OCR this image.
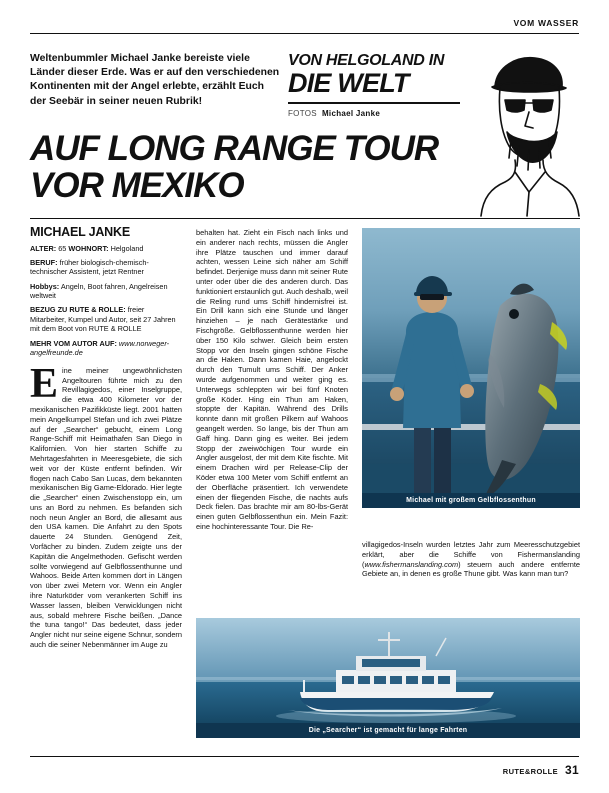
VOM WASSER
Weltenbummler Michael Janke bereiste viele Länder dieser Erde. Was er auf den verschiedenen Kontinenten mit der Angel erlebte, erzählt Euch der Seebär in seiner neuen Rubrik!
VON HELGOLAND IN
DIE WELT
FOTOS Michael Janke
AUF LONG RANGE TOUR VOR MEXIKO
MICHAEL JANKE
ALTER: 65 WOHNORT: Helgoland
BERUF: früher biologisch-chemisch-technischer Assistent, jetzt Rentner
Hobbys: Angeln, Boot fahren, Angelreisen weltweit
BEZUG ZU RUTE & ROLLE: freier Mitarbeiter, Kumpel und Autor, seit 27 Jahren mit dem Boot von RUTE & ROLLE
MEHR VOM AUTOR AUF: www.norweger-angelfreunde.de
Eine meiner ungewöhnlichsten Angeltouren führte mich zu den Revillagigedos, einer Inselgruppe, die etwa 400 Kilometer vor der mexikanischen Pazifikküste liegt. 2001 hatten mein Angelkumpel Stefan und ich zwei Plätze auf der „Searcher“ gebucht, einem Long Range-Schiff mit Heimathafen San Diego in Kalifornien. Von hier starten Schiffe zu Mehrtagesfahrten in Meeresgebiete, die sich weit vor der Küste entfernt befinden. Wir flogen nach Cabo San Lucas, dem bekannten mexikanischen Big Game-Eldorado. Hier legte die „Searcher“ einen Zwischenstopp ein, um uns an Bord zu nehmen. Es befanden sich noch neun Angler an Bord, die allesamt aus den USA kamen. Die Anfahrt zu den Spots dauerte 24 Stunden. Genügend Zeit, Vorfächer zu binden. Zudem zeigte uns der Kapitän die Angelmethoden. Gefischt werden sollte vorwiegend auf Gelbflossenthunne und Wahoos. Beide Arten kommen dort in Längen von über zwei Metern vor. Wenn ein Angler ihre Naturköder vom verankerten Schiff ins Wasser lassen, bleiben Verwicklungen nicht aus, sobald mehrere Fische beißen. „Dance the tuna tango!“ Das bedeutet, dass jeder Angler nicht nur seine eigene Schnur, sondern auch die seiner Nebenmänner im Auge zu
behalten hat. Zieht ein Fisch nach links und ein anderer nach rechts, müssen die Angler ihre Plätze tauschen und immer darauf achten, wessen Leine sich näher am Schiff befindet. Derjenige muss dann mit seiner Rute unter oder über die des anderen durch. Das funktioniert erstaunlich gut. Auch deshalb, weil die Reling rund ums Schiff hindernisfrei ist. Ein Drill kann sich eine Stunde und länger hinziehen – je nach Gerätestärke und Fischgröße. Gelbflossenthunne werden hier über 150 Kilo schwer. Gleich beim ersten Stopp vor den Inseln gingen schöne Fische an die Haken. Dann kamen Haie, angelockt durch den Tumult ums Schiff. Der Anker wurde aufgenommen und weiter ging es. Unterwegs schleppten wir bei fünf Knoten große Köder. Hing ein Thun am Haken, stoppte der Kapitän. Während des Drills konnte dann mit großen Pilkern auf Wahoos geangelt werden. So lange, bis der Thun am Gaff hing. Dann ging es weiter. Bei jedem Stopp der zweiwöchigen Tour wurde ein Angler ausgelost, der mit dem Kite fischte. Mit einem Drachen wird per Release-Clip der Köder etwa 100 Meter vom Schiff entfernt an der Oberfläche präsentiert. Ich verwendete einen der fliegenden Fische, die nachts aufs Deck fielen. Das brachte mir am 80-lbs-Gerät einen guten Gelbflossenthun ein. Mein Fazit: eine hochinteressante Tour. Die Re-
villagigedos-Inseln wurden letztes Jahr zum Meeresschutzgebiet erklärt, aber die Schiffe von Fishermanslanding (www.fishermanslanding.com) steuern auch andere entfernte Gebiete an, in denen es große Thune gibt. Was kann man tun?
Michael mit großem Gelbflossenthun
Die „Searcher“ ist gemacht für lange Fahrten
RUTE&ROLLE 31
